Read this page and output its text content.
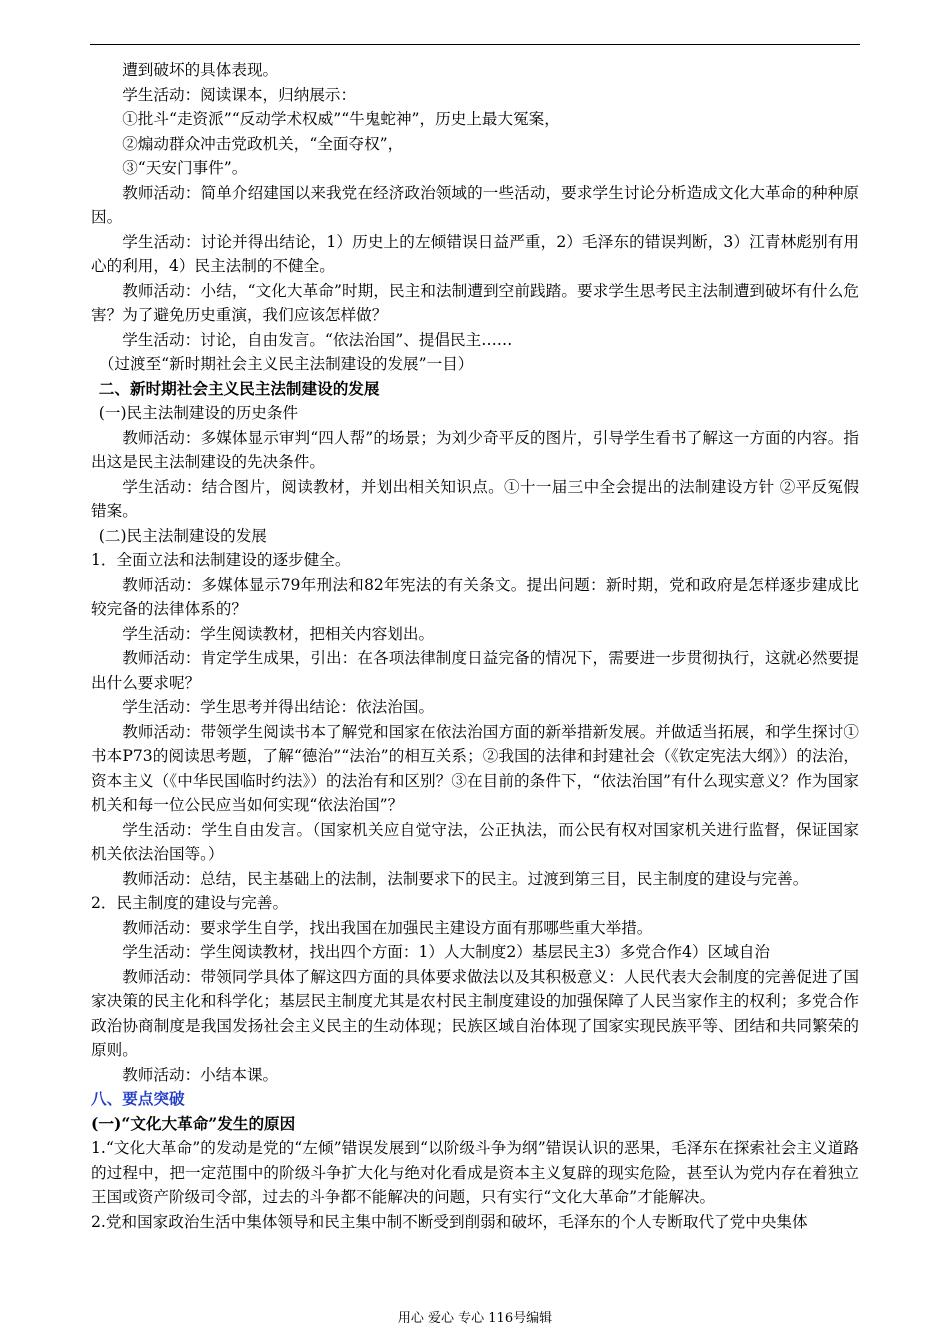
遭到破坏的具体表现。

学生活动：阅读课本，归纳展示：

①批斗“走资派”“反动学术权威”“牛鬼蛇神”，历史上最大冤案，

②煽动群众冲击党政机关，“全面夺权”，

③“天安门事件”。

教师活动：简单介绍建国以来我党在经济政治领域的一些活动，要求学生讨论分析造成文化大革命的种种原因。

学生活动：讨论并得出结论，1）历史上的左倾错误日益严重，2）毛泽东的错误判断，3）江青林彪别有用心的利用，4）民主法制的不健全。

教师活动：小结，“文化大革命”时期，民主和法制遭到空前践踏。要求学生思考民主法制遭到破坏有什么危害？为了避免历史重演，我们应该怎样做？

学生活动：讨论，自由发言。“依法治国”、提倡民主……

（过渡至“新时期社会主义民主法制建设的发展”一目）

二、新时期社会主义民主法制建设的发展

(一)民主法制建设的历史条件

教师活动：多媒体显示审判“四人帮”的场景；为刘少奇平反的图片，引导学生看书了解这一方面的内容。指出这是民主法制建设的先决条件。

学生活动：结合图片，阅读教材，并划出相关知识点。①十一届三中全会提出的法制建设方针 ②平反冤假错案。

(二)民主法制建设的发展

1．全面立法和法制建设的逐步健全。

教师活动：多媒体显示79年刑法和82年宪法的有关条文。提出问题：新时期，党和政府是怎样逐步建成比较完备的法律体系的？

学生活动：学生阅读教材，把相关内容划出。

教师活动：肯定学生成果，引出：在各项法律制度日益完备的情况下，需要进一步贯彻执行，这就必然要提出什么要求呢？

学生活动：学生思考并得出结论：依法治国。

教师活动：带领学生阅读书本了解党和国家在依法治国方面的新举措新发展。并做适当拓展，和学生探讨①书本P73的阅读思考题，了解“德治”“法治”的相互关系；②我国的法律和封建社会（《钦定宪法大纲》）的法治，资本主义（《中华民国临时约法》）的法治有和区别？③在目前的条件下，“依法治国”有什么现实意义？作为国家机关和每一位公民应当如何实现“依法治国”？

学生活动：学生自由发言。（国家机关应自觉守法，公正执法，而公民有权对国家机关进行监督，保证国家机关依法治国等。）

教师活动：总结，民主基础上的法制，法制要求下的民主。过渡到第三目，民主制度的建设与完善。

2．民主制度的建设与完善。

教师活动：要求学生自学，找出我国在加强民主建设方面有那哪些重大举措。

学生活动：学生阅读教材，找出四个方面：1）人大制度2）基层民主3）多党合作4）区域自治

教师活动：带领同学具体了解这四方面的具体要求做法以及其积极意义：人民代表大会制度的完善促进了国家决策的民主化和科学化；基层民主制度尤其是农村民主制度建设的加强保障了人民当家作主的权利；多党合作政治协商制度是我国发扬社会主义民主的生动体现；民族区域自治体现了国家实现民族平等、团结和共同繁荣的原则。

教师活动：小结本课。

八、要点突破

(一)“文化大革命”发生的原因

1.“文化大革命”的发动是党的“左倾”错误发展到“以阶级斗争为纲”错误认识的恶果，毛泽东在探索社会主义道路的过程中，把一定范围中的阶级斗争扩大化与绝对化看成是资本主义复辟的现实危险，甚至认为党内存在着独立王国或资产阶级司令部，过去的斗争都不能解决的问题，只有实行“文化大革命”才能解决。

2.党和国家政治生活中集体领导和民主集中制不断受到削弱和破坏，毛泽东的个人专断取代了党中央集体

用心 爱心 专心 116号编辑
